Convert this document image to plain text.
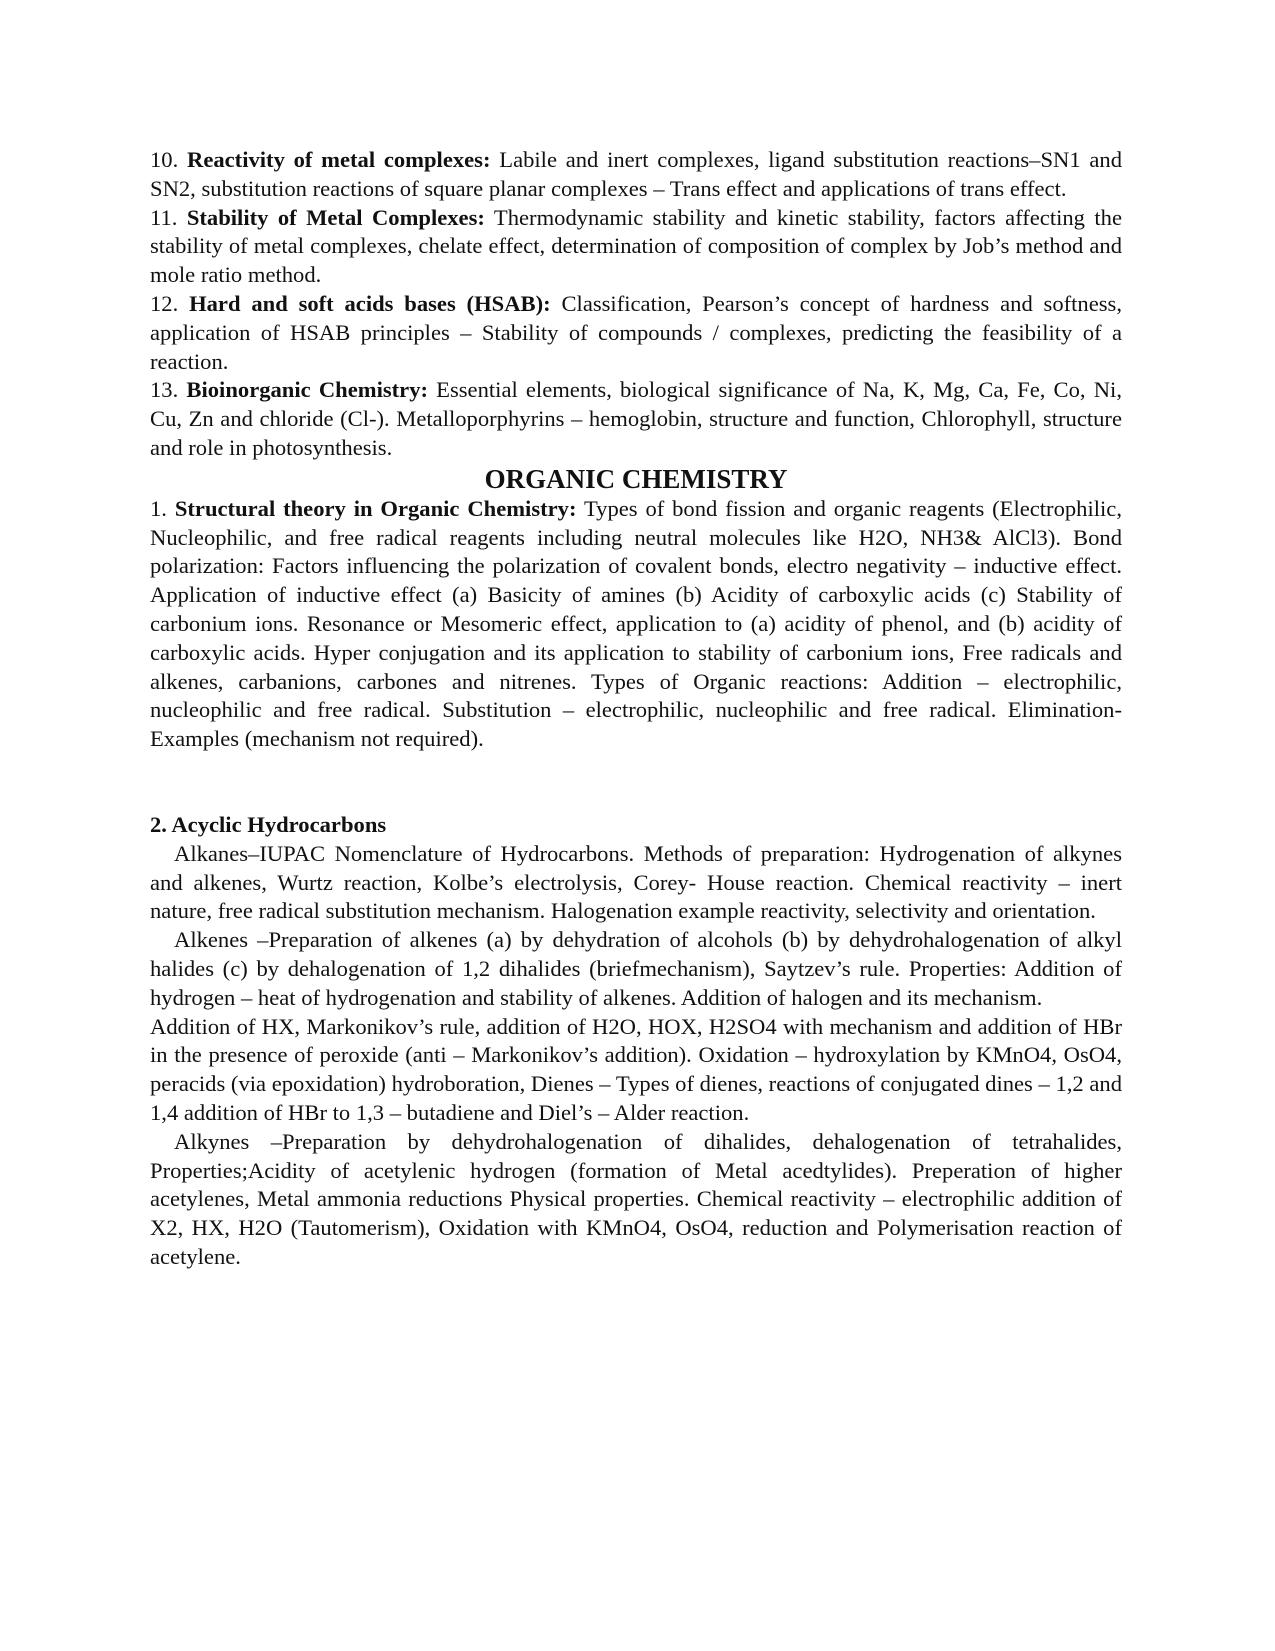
10. Reactivity of metal complexes: Labile and inert complexes, ligand substitution reactions–SN1 and SN2, substitution reactions of square planar complexes – Trans effect and applications of trans effect.

11. Stability of Metal Complexes: Thermodynamic stability and kinetic stability, factors affecting the stability of metal complexes, chelate effect, determination of composition of complex by Job’s method and mole ratio method.

12. Hard and soft acids bases (HSAB): Classification, Pearson’s concept of hardness and softness, application of HSAB principles – Stability of compounds / complexes, predicting the feasibility of a reaction.

13. Bioinorganic Chemistry: Essential elements, biological significance of Na, K, Mg, Ca, Fe, Co, Ni, Cu, Zn and chloride (Cl-). Metalloporphyrins – hemoglobin, structure and function, Chlorophyll, structure and role in photosynthesis.

ORGANIC CHEMISTRY

1. Structural theory in Organic Chemistry: Types of bond fission and organic reagents (Electrophilic, Nucleophilic, and free radical reagents including neutral molecules like H2O, NH3& AlCl3). Bond polarization: Factors influencing the polarization of covalent bonds, electro negativity – inductive effect. Application of inductive effect (a) Basicity of amines (b) Acidity of carboxylic acids (c) Stability of carbonium ions. Resonance or Mesomeric effect, application to (a) acidity of phenol, and (b) acidity of carboxylic acids. Hyper conjugation and its application to stability of carbonium ions, Free radicals and alkenes, carbanions, carbones and nitrenes. Types of Organic reactions: Addition – electrophilic, nucleophilic and free radical. Substitution – electrophilic, nucleophilic and free radical. Elimination- Examples (mechanism not required).

2. Acyclic Hydrocarbons

Alkanes–IUPAC Nomenclature of Hydrocarbons. Methods of preparation: Hydrogenation of alkynes and alkenes, Wurtz reaction, Kolbe’s electrolysis, Corey- House reaction. Chemical reactivity – inert nature, free radical substitution mechanism. Halogenation example reactivity, selectivity and orientation.

Alkenes –Preparation of alkenes (a) by dehydration of alcohols (b) by dehydrohalogenation of alkyl halides (c) by dehalogenation of 1,2 dihalides (briefmechanism), Saytzev’s rule. Properties: Addition of hydrogen – heat of hydrogenation and stability of alkenes. Addition of halogen and its mechanism.

Addition of HX, Markonikov’s rule, addition of H2O, HOX, H2SO4 with mechanism and addition of HBr in the presence of peroxide (anti – Markonikov’s addition). Oxidation – hydroxylation by KMnO4, OsO4, peracids (via epoxidation) hydroboration, Dienes – Types of dienes, reactions of conjugated dines – 1,2 and 1,4 addition of HBr to 1,3 – butadiene and Diel’s – Alder reaction.

Alkynes –Preparation by dehydrohalogenation of dihalides, dehalogenation of tetrahalides, Properties;Acidity of acetylenic hydrogen (formation of Metal acedtylides). Preperation of higher acetylenes, Metal ammonia reductions Physical properties. Chemical reactivity – electrophilic addition of X2, HX, H2O (Tautomerism), Oxidation with KMnO4, OsO4, reduction and Polymerisation reaction of acetylene.
